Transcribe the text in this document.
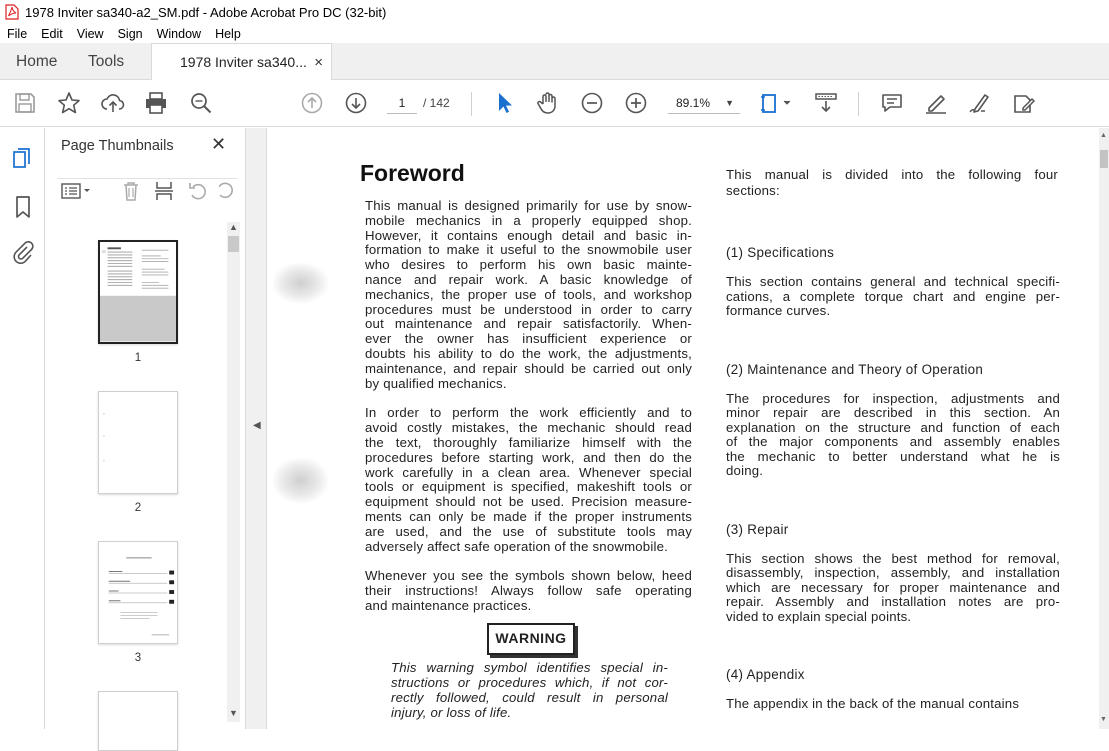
1978 Inviter sa340-a2_SM.pdf - Adobe Acrobat Pro DC (32-bit)
File	Edit	View	Sign	Window	Help
Home Tools	1978 Inviter sa340... ×
1
/ 142	89.1% ▼
Page Thumbnails ✕
1
2
3
▲
▼
◀
Foreword
This manual is designed primarily for use by snow-
mobile mechanics in a properly equipped shop.
However, it contains enough detail and basic in-
formation to make it useful to the snowmobile user
who desires to perform his own basic mainte-
nance and repair work. A basic knowledge of
mechanics, the proper use of tools, and workshop
procedures must be understood in order to carry
out maintenance and repair satisfactorily. When-
ever the owner has insufficient experience or
doubts his ability to do the work, the adjustments,
maintenance, and repair should be carried out only
by qualified mechanics.
In order to perform the work efficiently and to
avoid costly mistakes, the mechanic should read
the text, thoroughly familiarize himself with the
procedures before starting work, and then do the
work carefully in a clean area. Whenever special
tools or equipment is specified, makeshift tools or
equipment should not be used. Precision measure-
ments can only be made if the proper instruments
are used, and the use of substitute tools may
adversely affect safe operation of the snowmobile.
Whenever you see the symbols shown below, heed
their instructions! Always follow safe operating
and maintenance practices.
WARNING
This warning symbol identifies special in-
structions or procedures which, if not cor-
rectly followed, could result in personal
injury, or loss of life.
This manual is divided into the following four
sections:
(1) Specifications
This section contains general and technical specifi-
cations, a complete torque chart and engine per-
formance curves.
(2) Maintenance and Theory of Operation
The procedures for inspection, adjustments and
minor repair are described in this section. An
explanation on the structure and function of each
of the major components and assembly enables
the mechanic to better understand what he is
doing.
(3) Repair
This section shows the best method for removal,
disassembly, inspection, assembly, and installation
which are necessary for proper maintenance and
repair. Assembly and installation notes are pro-
vided to explain special points.
(4) Appendix
The appendix in the back of the manual contains
▲
▼
